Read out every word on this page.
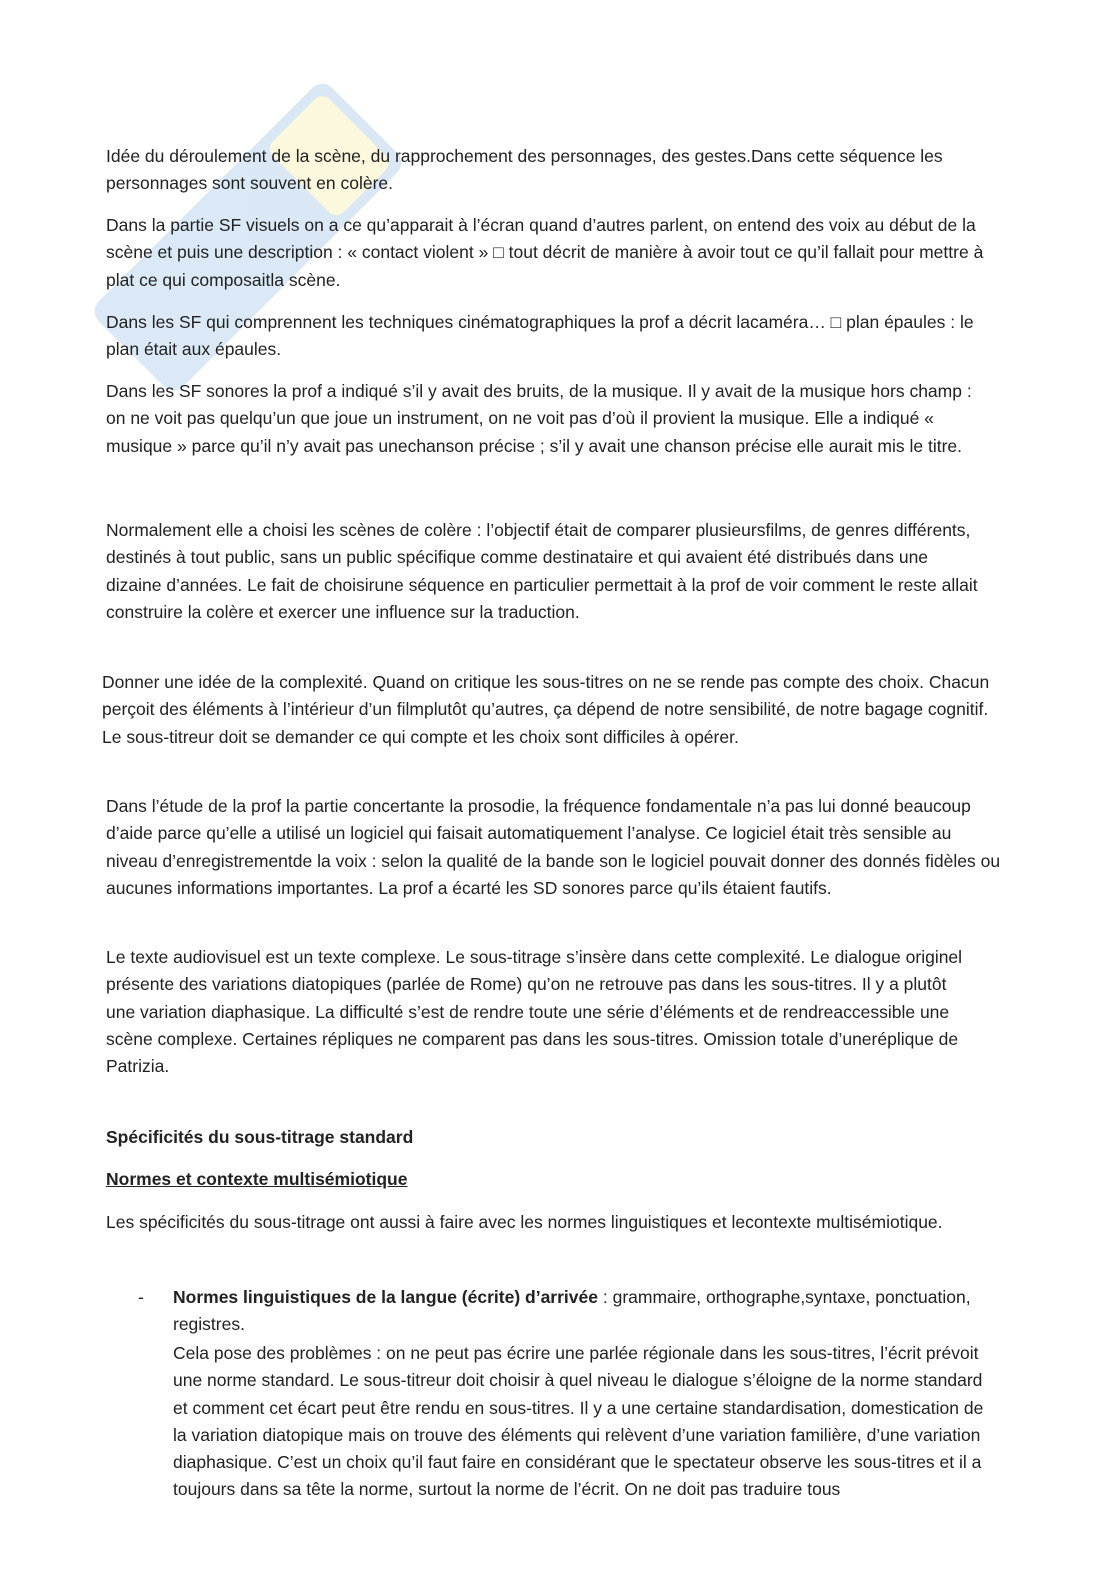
Idée du déroulement de la scène, du rapprochement des personnages, des gestes.Dans cette séquence les personnages sont souvent en colère.

Dans la partie SF visuels on a ce qu’apparait à l’écran quand d’autres parlent, on entend des voix au début de la scène et puis une description : « contact violent » □ tout décrit de manière à avoir tout ce qu’il fallait pour mettre à plat ce qui composaitla scène.

Dans les SF qui comprennent les techniques cinématographiques la prof a décrit lacaméra… □ plan épaules : le plan était aux épaules.

Dans les SF sonores la prof a indiqué s’il y avait des bruits, de la musique. Il y avait de la musique hors champ : on ne voit pas quelqu’un que joue un instrument, on ne voit pas d’où il provient la musique. Elle a indiqué « musique » parce qu’il n’y avait pas unechanson précise ; s’il y avait une chanson précise elle aurait mis le titre.

Normalement elle a choisi les scènes de colère : l’objectif était de comparer plusieursfilms, de genres différents, destinés à tout public, sans un public spécifique comme destinataire et qui avaient été distribués dans une dizaine d’années. Le fait de choisirune séquence en particulier permettait à la prof de voir comment le reste allait construire la colère et exercer une influence sur la traduction.

Donner une idée de la complexité. Quand on critique les sous-titres on ne se rende pas compte des choix. Chacun perçoit des éléments à l’intérieur d’un filmplutôt qu’autres, ça dépend de notre sensibilité, de notre bagage cognitif. Le sous-titreur doit se demander ce qui compte et les choix sont difficiles à opérer.

Dans l’étude de la prof la partie concertante la prosodie, la fréquence fondamentale n’a pas lui donné beaucoup d’aide parce qu’elle a utilisé un logiciel qui faisait automatiquement l’analyse. Ce logiciel était très sensible au niveau d’enregistrementde la voix : selon la qualité de la bande son le logiciel pouvait donner des donnés fidèles ou aucunes informations importantes. La prof a écarté les SD sonores parce qu’ils étaient fautifs.

Le texte audiovisuel est un texte complexe. Le sous-titrage s’insère dans cette complexité. Le dialogue originel présente des variations diatopiques (parlée de Rome) qu’on ne retrouve pas dans les sous-titres. Il y a plutôt une variation diaphasique. La difficulté s’est de rendre toute une série d’éléments et de rendreaccessible une scène complexe. Certaines répliques ne comparent pas dans les sous-titres. Omission totale d’uneréplique de Patrizia.

Spécificités du sous-titrage standard

Normes et contexte multisémiotique

Les spécificités du sous-titrage ont aussi à faire avec les normes linguistiques et lecontexte multisémiotique.

- Normes linguistiques de la langue (écrite) d’arrivée : grammaire, orthographe,syntaxe, ponctuation, registres.

Cela pose des problèmes : on ne peut pas écrire une parlée régionale dans les sous-titres, l’écrit prévoit une norme standard. Le sous-titreur doit choisir à quel niveau le dialogue s’éloigne de la norme standard et comment cet écart peut être rendu en sous-titres. Il y a une certaine standardisation, domestication de la variation diatopique mais on trouve des éléments qui relèvent d’une variation familière, d’une variation diaphasique. C’est un choix qu’il faut faire en considérant que le spectateur observe les sous-titres et il a toujours dans sa tête la norme, surtout la norme de l’écrit. On ne doit pas traduire tous
